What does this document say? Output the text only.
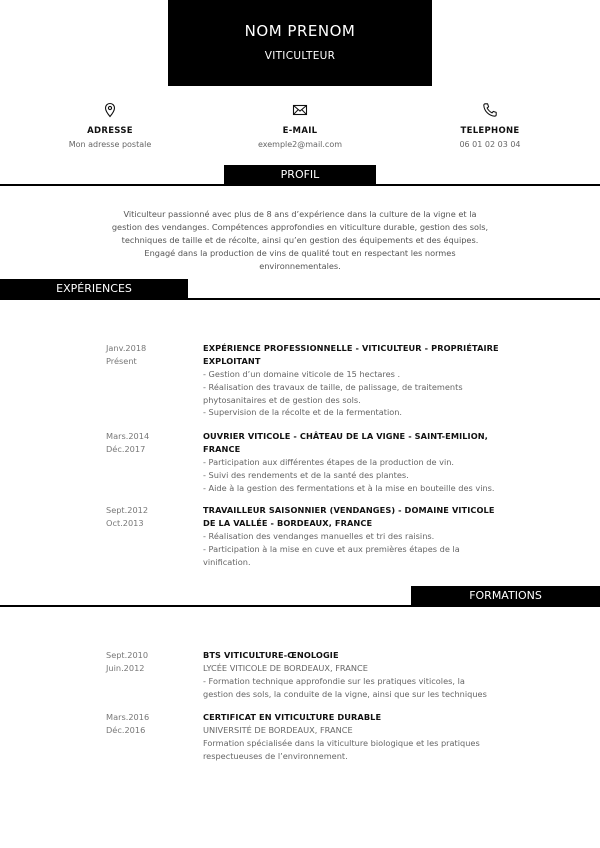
NOM PRENOM
VITICULTEUR
ADRESSE
Mon adresse postale
E-MAIL
exemple2@mail.com
TELEPHONE
06 01 02 03 04
PROFIL
Viticulteur passionné avec plus de 8 ans d’expérience dans la culture de la vigne et la
gestion des vendanges. Compétences approfondies en viticulture durable, gestion des sols,
techniques de taille et de récolte, ainsi qu’en gestion des équipements et des équipes.
Engagé dans la production de vins de qualité tout en respectant les normes
environnementales.
EXPÉRIENCES
Janv.2018
Présent
EXPÉRIENCE PROFESSIONNELLE - VITICULTEUR - PROPRIÉTAIRE
EXPLOITANT
- Gestion d’un domaine viticole de 15 hectares .
- Réalisation des travaux de taille, de palissage, de traitements
phytosanitaires et de gestion des sols.
- Supervision de la récolte et de la fermentation.
Mars.2014
Déc.2017
OUVRIER VITICOLE - CHÂTEAU DE LA VIGNE - SAINT-EMILION,
FRANCE
- Participation aux différentes étapes de la production de vin.
- Suivi des rendements et de la santé des plantes.
- Aide à la gestion des fermentations et à la mise en bouteille des vins.
Sept.2012
Oct.2013
TRAVAILLEUR SAISONNIER (VENDANGES) - DOMAINE VITICOLE
DE LA VALLÉE - BORDEAUX, FRANCE
- Réalisation des vendanges manuelles et tri des raisins.
- Participation à la mise en cuve et aux premières étapes de la
vinification.
FORMATIONS
Sept.2010
Juin.2012
BTS VITICULTURE-ŒNOLOGIE
LYCÉE VITICOLE DE BORDEAUX, FRANCE
- Formation technique approfondie sur les pratiques viticoles, la
gestion des sols, la conduite de la vigne, ainsi que sur les techniques
Mars.2016
Déc.2016
CERTIFICAT EN VITICULTURE DURABLE
UNIVERSITÉ DE BORDEAUX, FRANCE
Formation spécialisée dans la viticulture biologique et les pratiques
respectueuses de l’environnement.
